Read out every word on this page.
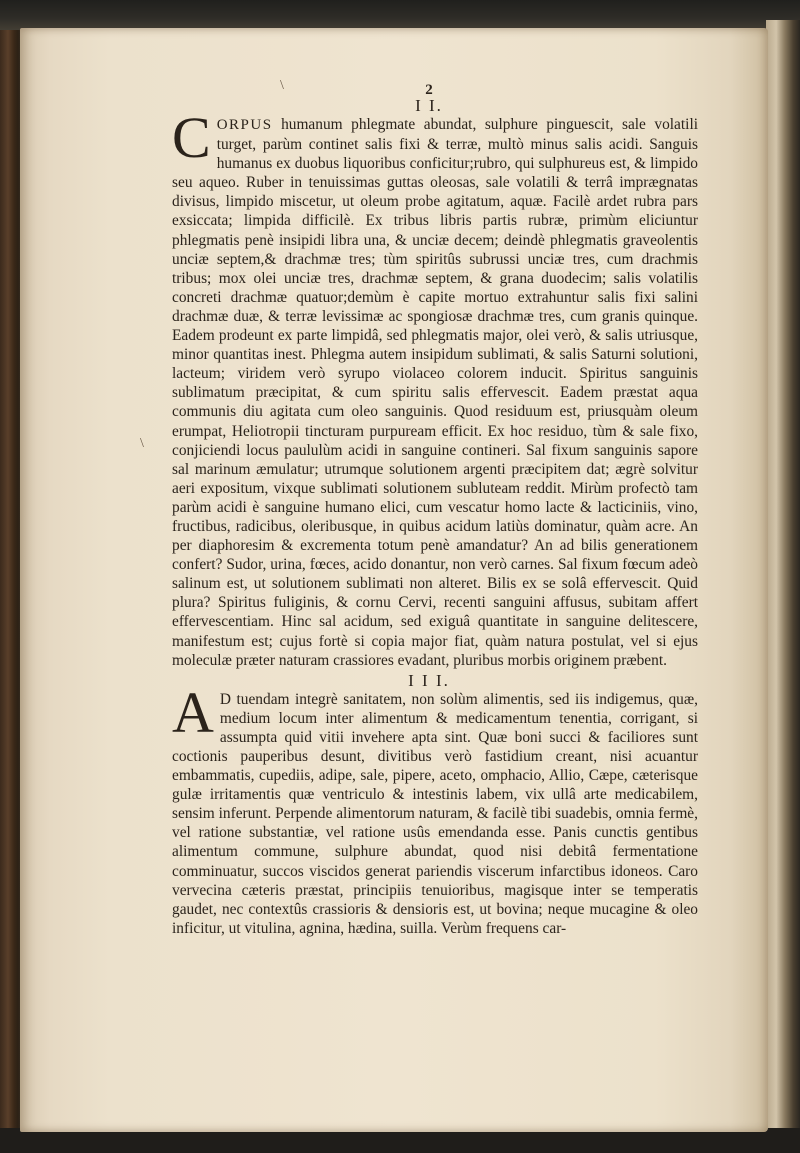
2
I I.

CORPUS humanum phlegmate abundat, sulphure pinguescit, sale volatili turget, parùm continet salis fixi & terræ, multò minus salis acidi. Sanguis humanus ex duobus liquoribus conficitur;rubro, qui sulphureus est, & limpido seu aqueo. Ruber in tenuissimas guttas oleosas, sale volatili & terrâ imprægnatas divisus, limpido miscetur, ut oleum probe agitatum, aquæ. Facilè ardet rubra pars exsiccata; limpida difficilè. Ex tribus libris partis rubræ, primùm eliciuntur phlegmatis penè insipidi libra una, & unciæ decem; deindè phlegmatis graveolentis unciæ septem,& drachmæ tres; tùm spiritûs subrussi unciæ tres, cum drachmis tribus; mox olei unciæ tres, drachmæ septem, & grana duodecim; salis volatilis concreti drachmæ quatuor;demùm è capite mortuo extrahuntur salis fixi salini drachmæ duæ, & terræ levissimæ ac spongiosæ drachmæ tres, cum granis quinque. Eadem prodeunt ex parte limpidâ, sed phlegmatis major, olei verò, & salis utriusque, minor quantitas inest. Phlegma autem insipidum sublimati, & salis Saturni solutioni, lacteum; viridem verò syrupo violaceo colorem inducit. Spiritus sanguinis sublimatum præcipitat, & cum spiritu salis effervescit. Eadem præstat aqua communis diu agitata cum oleo sanguinis. Quod residuum est, priusquàm oleum erumpat, Heliotropii tincturam purpuream efficit. Ex hoc residuo, tùm & sale fixo, conjiciendi locus paululùm acidi in sanguine contineri. Sal fixum sanguinis sapore sal marinum æmulatur; utrumque solutionem argenti præcipitem dat; ægrè solvitur aeri expositum, vixque sublimati solutionem subluteam reddit. Mirùm profectò tam parùm acidi è sanguine humano elici, cum vescatur homo lacte & lacticiniis, vino, fructibus, radicibus, oleribusque, in quibus acidum latiùs dominatur, quàm acre. An per diaphoresim & excrementa totum penè amandatur? An ad bilis generationem confert? Sudor, urina, fœces, acido donantur, non verò carnes. Sal fixum fœcum adeò salinum est, ut solutionem sublimati non alteret. Bilis ex se solâ effervescit. Quid plura? Spiritus fuliginis, & cornu Cervi, recenti sanguini affusus, subitam affert effervescentiam. Hinc sal acidum, sed exiguâ quantitate in sanguine delitescere, manifestum est; cujus fortè si copia major fiat, quàm natura postulat, vel si ejus moleculæ præter naturam crassiores evadant, pluribus morbis originem præbent.

I I I.

A D tuendam integrè sanitatem, non solùm alimentis, sed iis indigemus, quæ, medium locum inter alimentum & medicamentum tenentia, corrigant, si assumpta quid vitii invehere apta sint. Quæ boni succi & faciliores sunt coctionis pauperibus desunt, divitibus verò fastidium creant, nisi acuantur embammatis, cupediis, adipe, sale, pipere, aceto, omphacio, Allio, Cæpe, cæterisque gulæ irritamentis quæ ventriculo & intestinis labem, vix ullâ arte medicabilem, sensim inferunt. Perpende alimentorum naturam, & facilè tibi suadebis, omnia fermè, vel ratione substantiæ, vel ratione usûs emendanda esse. Panis cunctis gentibus alimentum commune, sulphure abundat, quod nisi debitâ fermentatione comminuatur, succos viscidos generat pariendis viscerum infarctibus idoneos. Caro vervecina cæteris præstat, principiis tenuioribus, magisque inter se temperatis gaudet, nec contextûs crassioris & densioris est, ut bovina; neque mucagine & oleo inficitur, ut vitulina, agnina, hædina, suilla. Verùm frequens car-

\
\
